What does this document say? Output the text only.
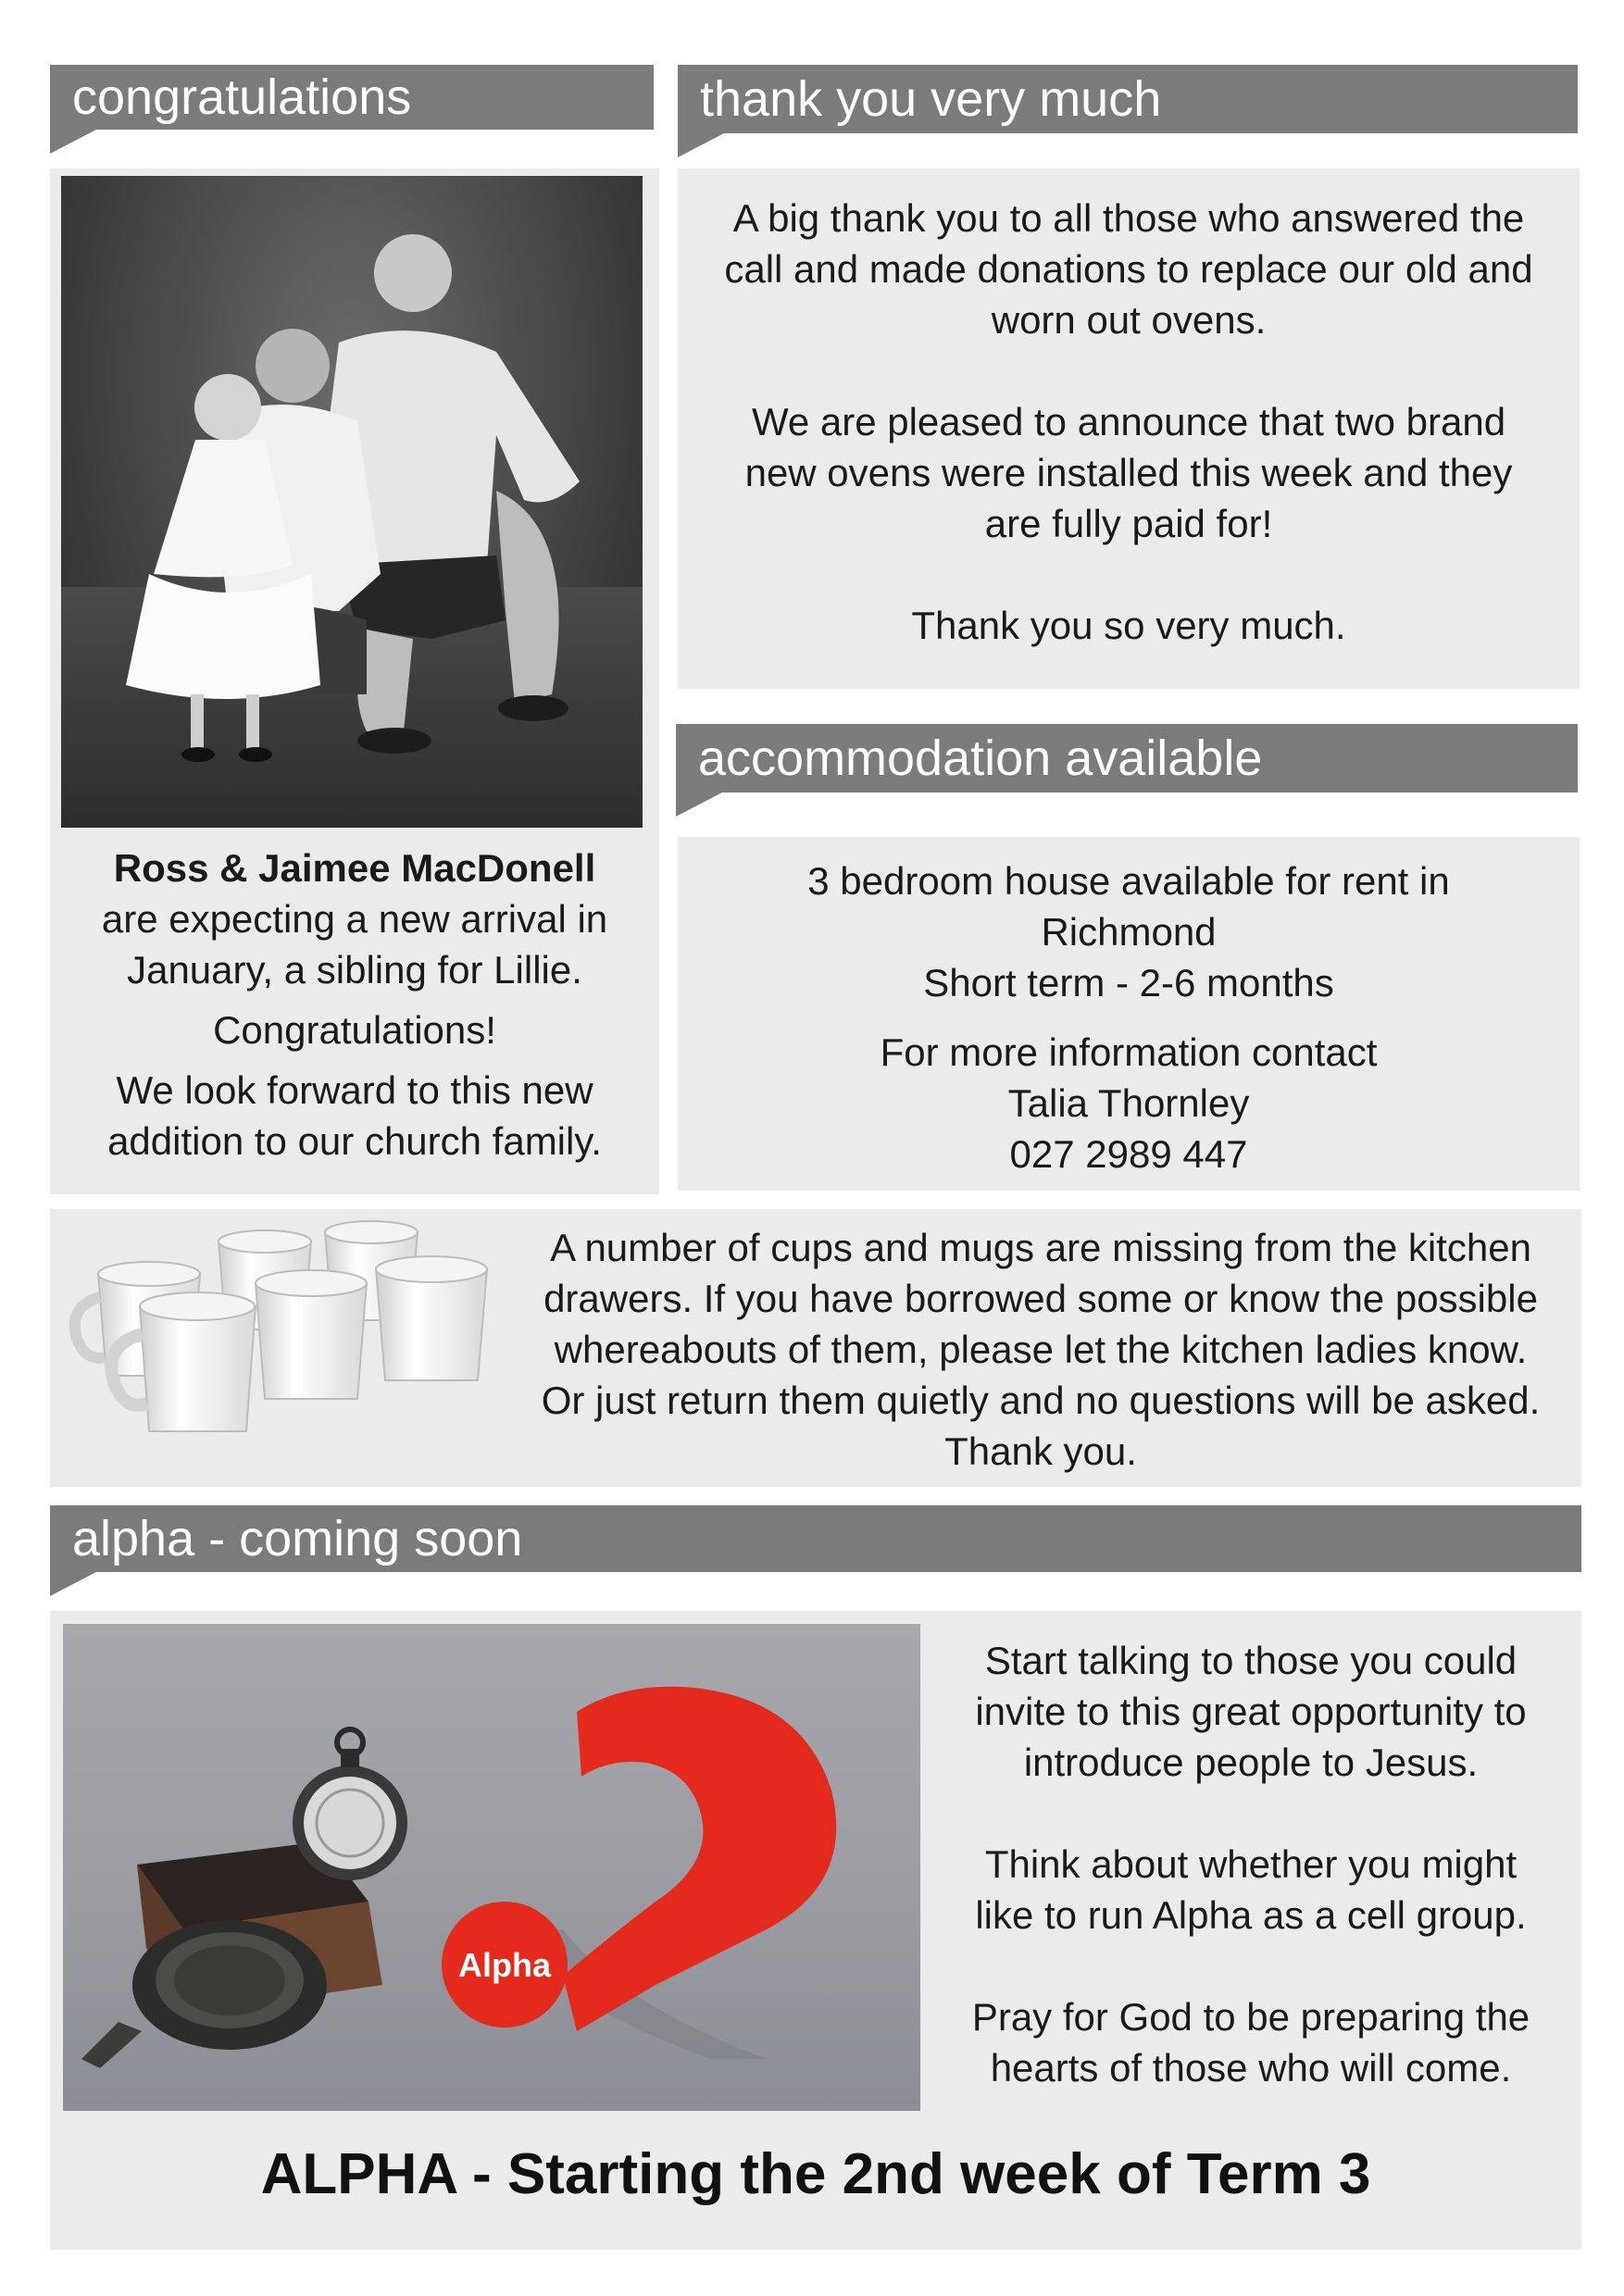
congratulations

Ross & Jaimee MacDonell

are expecting a new arrival in

January, a sibling for Lillie.

Congratulations!

We look forward to this new

addition to our church family.

thank you very much

A big thank you to all those who answered the

call and made donations to replace our old and

worn out ovens.

We are pleased to announce that two brand

new ovens were installed this week and they

are fully paid for!

Thank you so very much.

accommodation available

3 bedroom house available for rent in

Richmond

Short term - 2-6 months

For more information contact

Talia Thornley

027 2989 447

A number of cups and mugs are missing from the kitchen

drawers. If you have borrowed some or know the possible

whereabouts of them, please let the kitchen ladies know.

Or just return them quietly and no questions will be asked.

Thank you.

alpha - coming soon
Alpha

Start talking to those you could

invite to this great opportunity to

introduce people to Jesus.

Think about whether you might

like to run Alpha as a cell group.

Pray for God to be preparing the

hearts of those who will come.

ALPHA - Starting the 2nd week of Term 3
